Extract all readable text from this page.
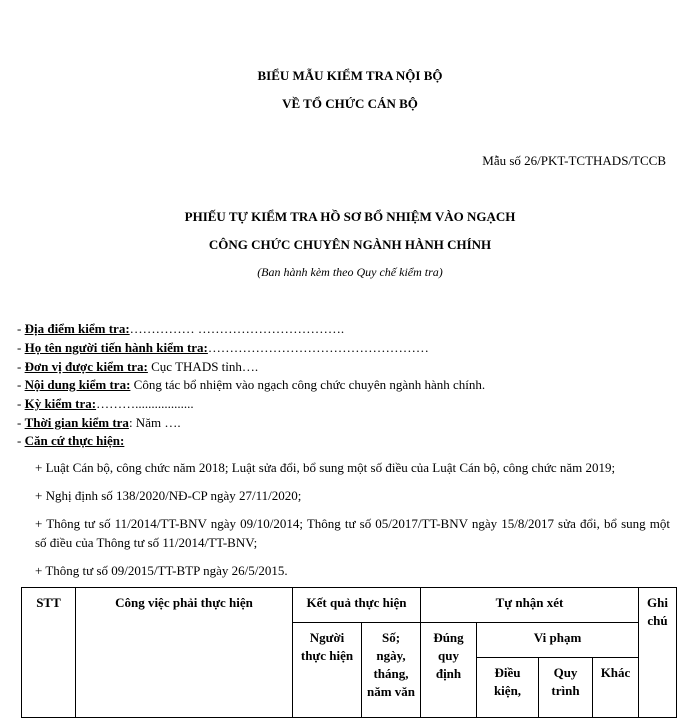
BIỂU MẪU KIỂM TRA NỘI BỘ
VỀ TỔ CHỨC CÁN BỘ
Mẫu số 26/PKT-TCTHADS/TCCB
PHIẾU TỰ KIỂM TRA HỒ SƠ BỔ NHIỆM VÀO NGẠCH
CÔNG CHỨC CHUYÊN NGÀNH HÀNH CHÍNH
(Ban hành kèm theo Quy chế kiểm tra)
- Địa điểm kiểm tra:…………… …………………………….
- Họ tên người tiến hành kiểm tra:……………………………………………
- Đơn vị được kiểm tra: Cục THADS tỉnh….
- Nội dung kiểm tra: Công tác bổ nhiệm vào ngạch công chức chuyên ngành hành chính.
- Kỳ kiểm tra:………..................
- Thời gian kiểm tra: Năm ….
- Căn cứ thực hiện:
+ Luật Cán bộ, công chức năm 2018; Luật sửa đổi, bổ sung một số điều của Luật Cán bộ, công chức năm 2019;
+ Nghị định số 138/2020/NĐ-CP ngày 27/11/2020;
+ Thông tư số 11/2014/TT-BNV ngày 09/10/2014; Thông tư số 05/2017/TT-BNV ngày 15/8/2017 sửa đổi, bổ sung một số điều của Thông tư số 11/2014/TT-BNV;
+ Thông tư số 09/2015/TT-BTP ngày 26/5/2015.
STT	Công việc phải thực hiện	Kết quả thực hiện		Tự nhận xét				Ghi chú
		Người thực hiện	Số; ngày, tháng, năm văn	Đúng quy định	Vi phạm			
					Điều kiện,	Quy trình	Khác	
